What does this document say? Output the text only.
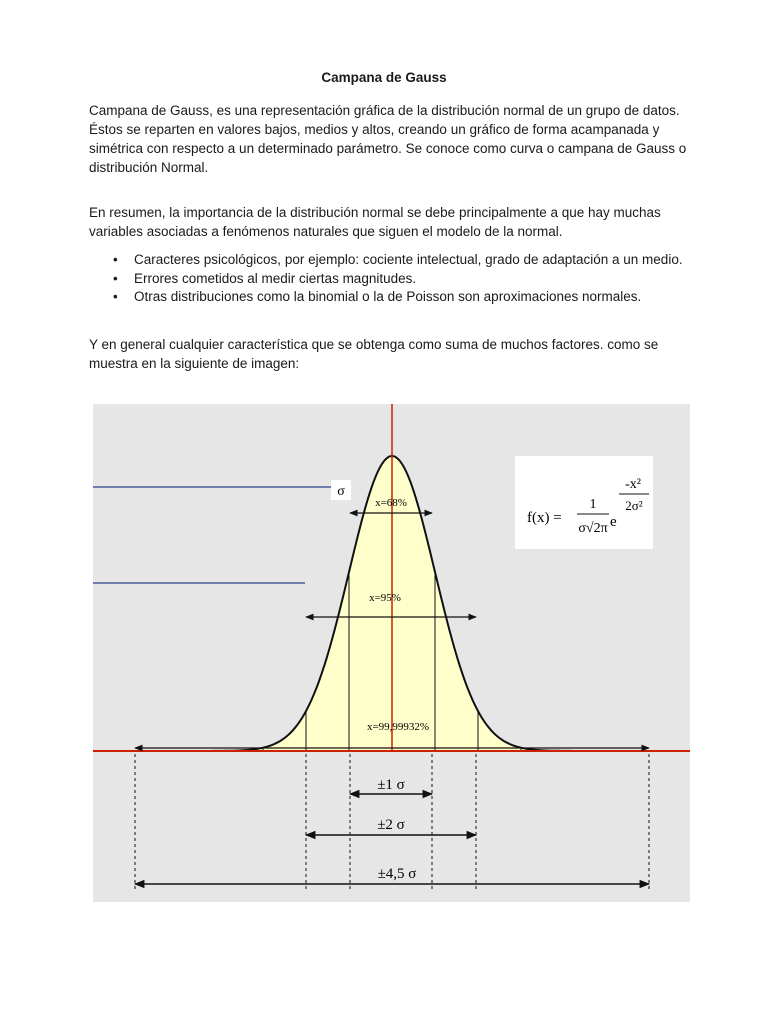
Campana de Gauss

Campana de Gauss, es una representación gráfica de la distribución normal de un grupo de datos. Éstos se reparten en valores bajos, medios y altos, creando un gráfico de forma acampanada y simétrica con respecto a un determinado parámetro. Se conoce como curva o campana de Gauss o distribución Normal.

En resumen, la importancia de la distribución normal se debe principalmente a que hay muchas variables asociadas a fenómenos naturales que siguen el modelo de la normal.

• Caracteres psicológicos, por ejemplo: cociente intelectual, grado de adaptación a un medio.
• Errores cometidos al medir ciertas magnitudes.
• Otras distribuciones como la binomial o la de Poisson son aproximaciones normales.

Y en general cualquier característica que se obtenga como suma de muchos factores. como se muestra en la siguiente de imagen:

σ
x=68%
x=95%
x=99,99932%
±1 σ
±2 σ
±4,5 σ
f(x) =
1
σ√2π e
-x²
2σ²
